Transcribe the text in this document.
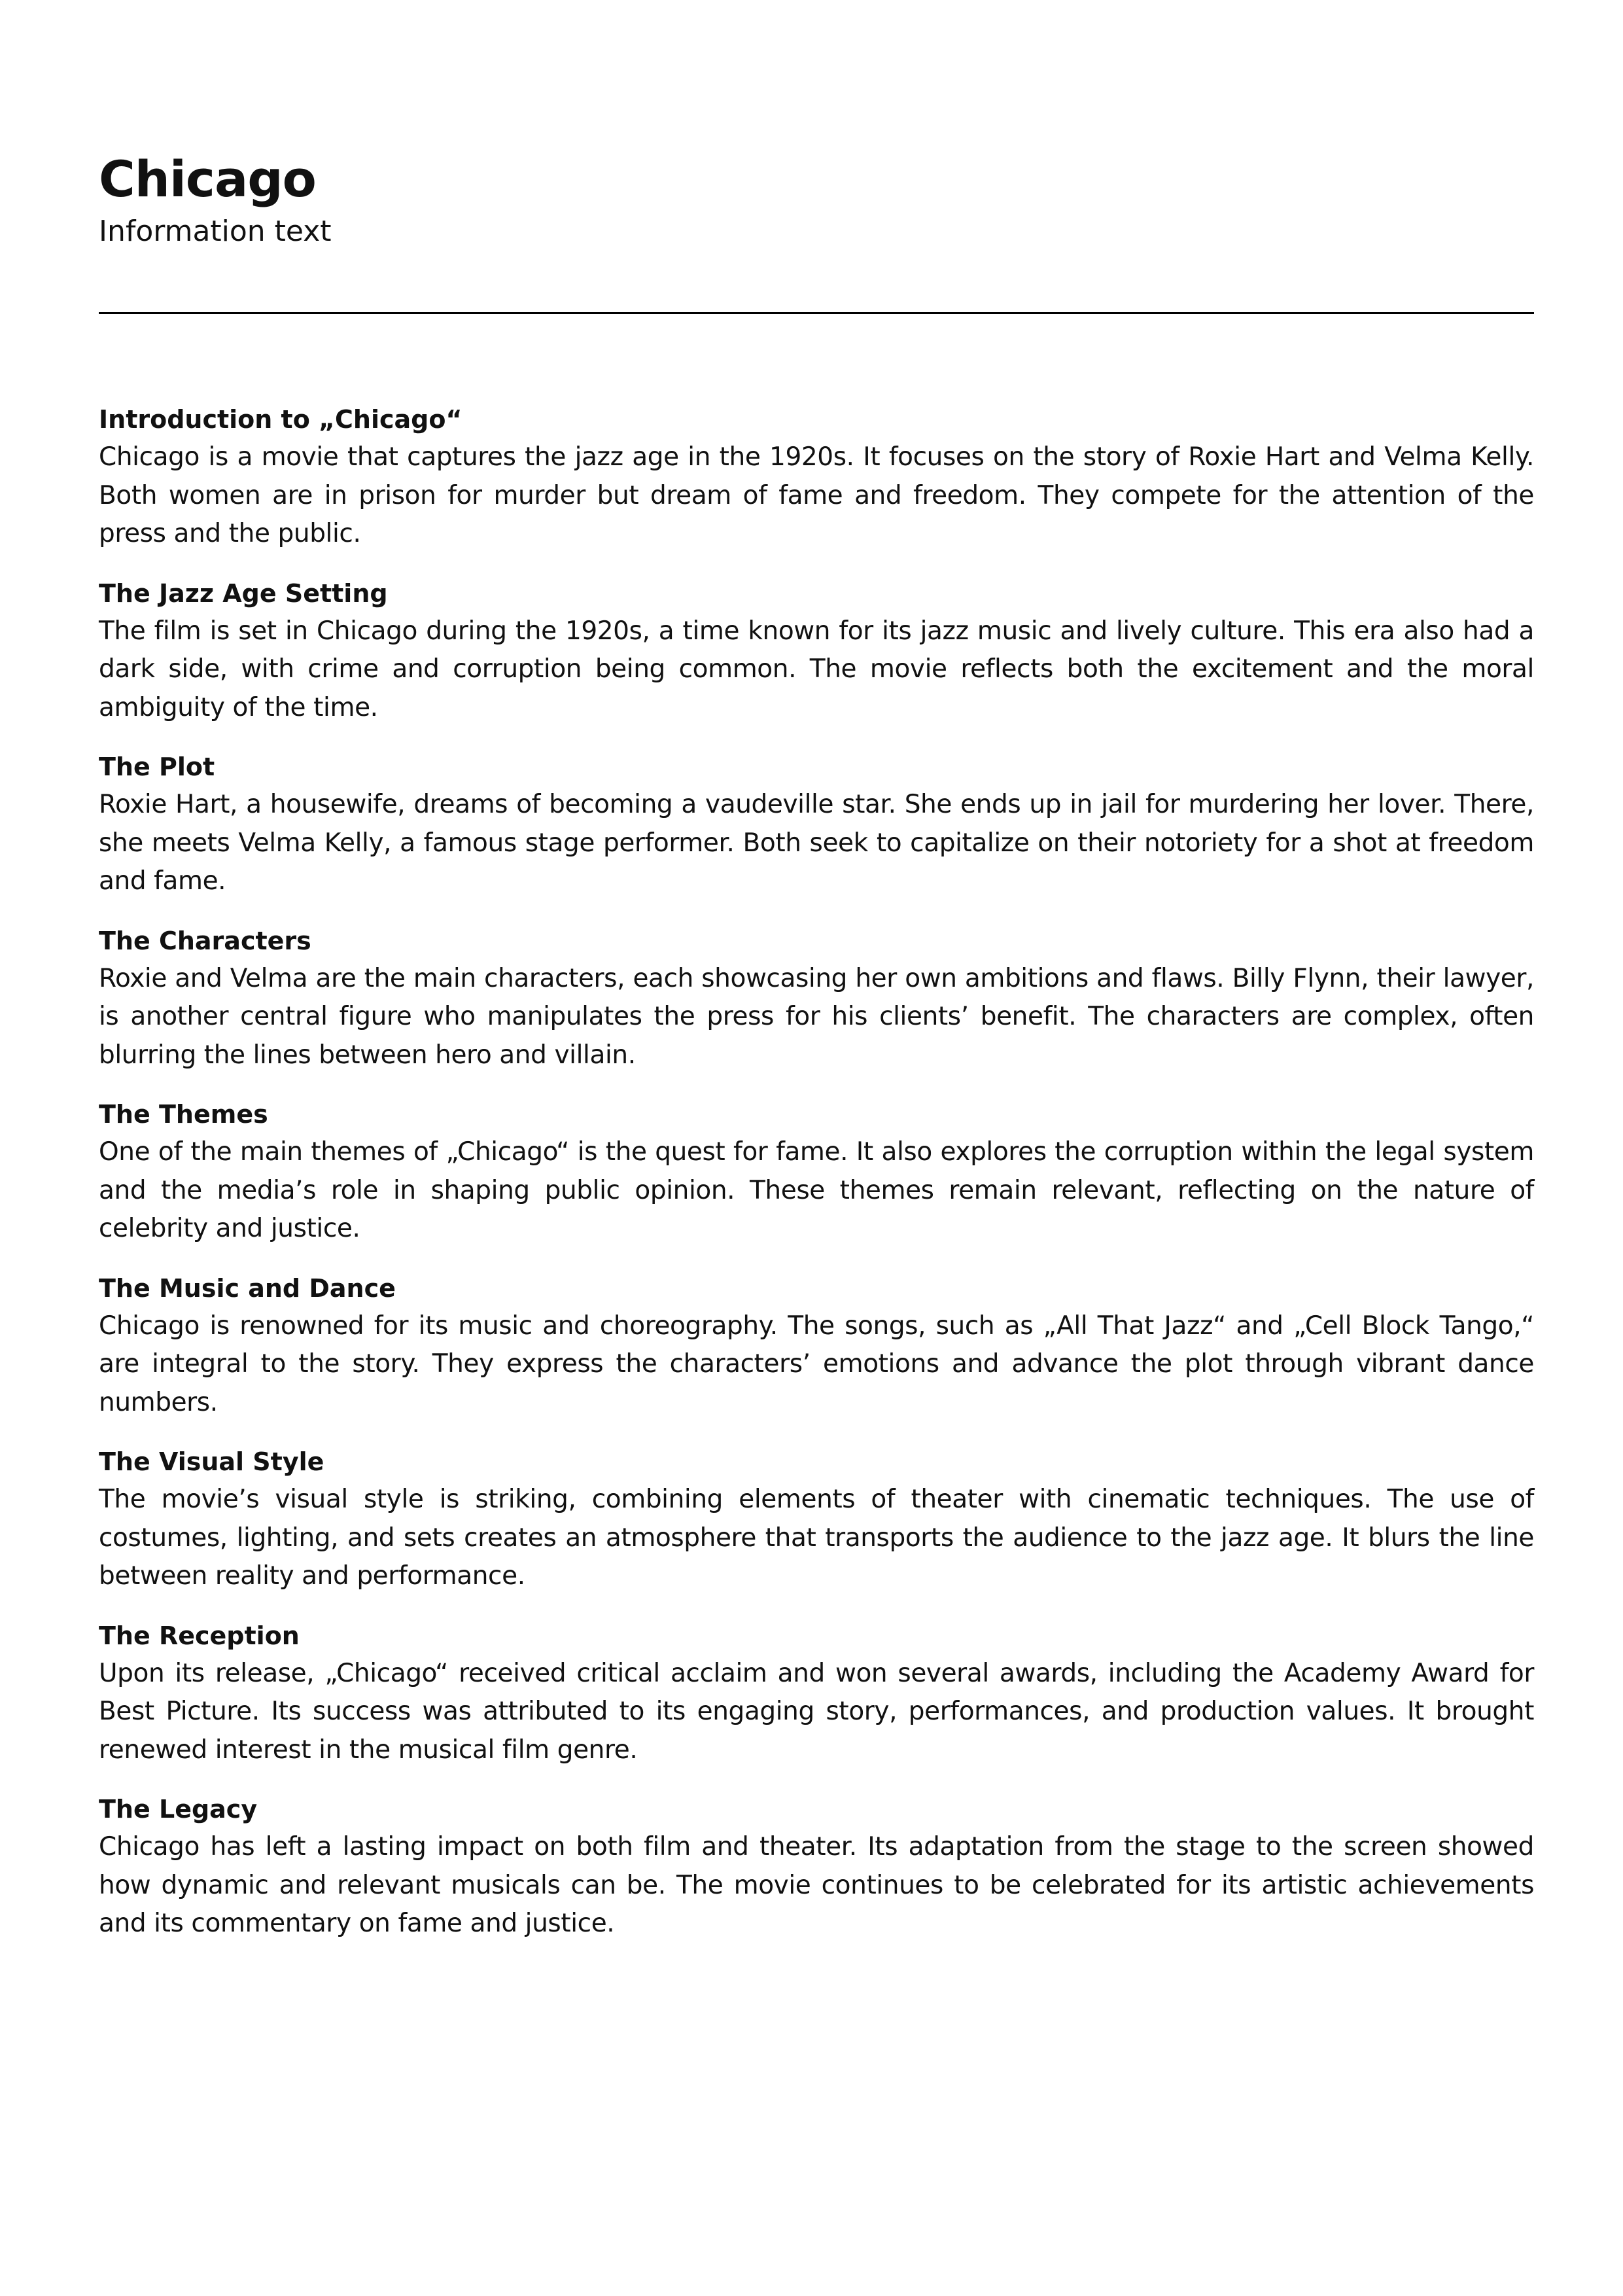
Chicago
Information text
Introduction to „Chicago“

Chicago is a movie that captures the jazz age in the 1920s. It focuses on the story of Roxie Hart and Velma Kelly. Both women are in prison for murder but dream of fame and freedom. They compete for the attention of the press and the public.

The Jazz Age Setting

The film is set in Chicago during the 1920s, a time known for its jazz music and lively culture. This era also had a dark side, with crime and corruption being common. The movie reflects both the excitement and the moral ambiguity of the time.

The Plot

Roxie Hart, a housewife, dreams of becoming a vaudeville star. She ends up in jail for murdering her lover. There, she meets Velma Kelly, a famous stage performer. Both seek to capitalize on their notoriety for a shot at freedom and fame.

The Characters

Roxie and Velma are the main characters, each showcasing her own ambitions and flaws. Billy Flynn, their lawyer, is another central figure who manipulates the press for his clients’ benefit. The characters are complex, often blurring the lines between hero and villain.

The Themes

One of the main themes of „Chicago“ is the quest for fame. It also explores the corruption within the legal system and the media’s role in shaping public opinion. These themes remain relevant, reflecting on the nature of celebrity and justice.

The Music and Dance

Chicago is renowned for its music and choreography. The songs, such as „All That Jazz“ and „Cell Block Tango,“ are integral to the story. They express the characters’ emotions and advance the plot through vibrant dance numbers.

The Visual Style

The movie’s visual style is striking, combining elements of theater with cinematic techniques. The use of costumes, lighting, and sets creates an atmosphere that transports the audience to the jazz age. It blurs the line between reality and performance.

The Reception

Upon its release, „Chicago“ received critical acclaim and won several awards, including the Academy Award for Best Picture. Its success was attributed to its engaging story, performances, and production values. It brought renewed interest in the musical film genre.

The Legacy

Chicago has left a lasting impact on both film and theater. Its adaptation from the stage to the screen showed how dynamic and relevant musicals can be. The movie continues to be celebrated for its artistic achievements and its commentary on fame and justice.
